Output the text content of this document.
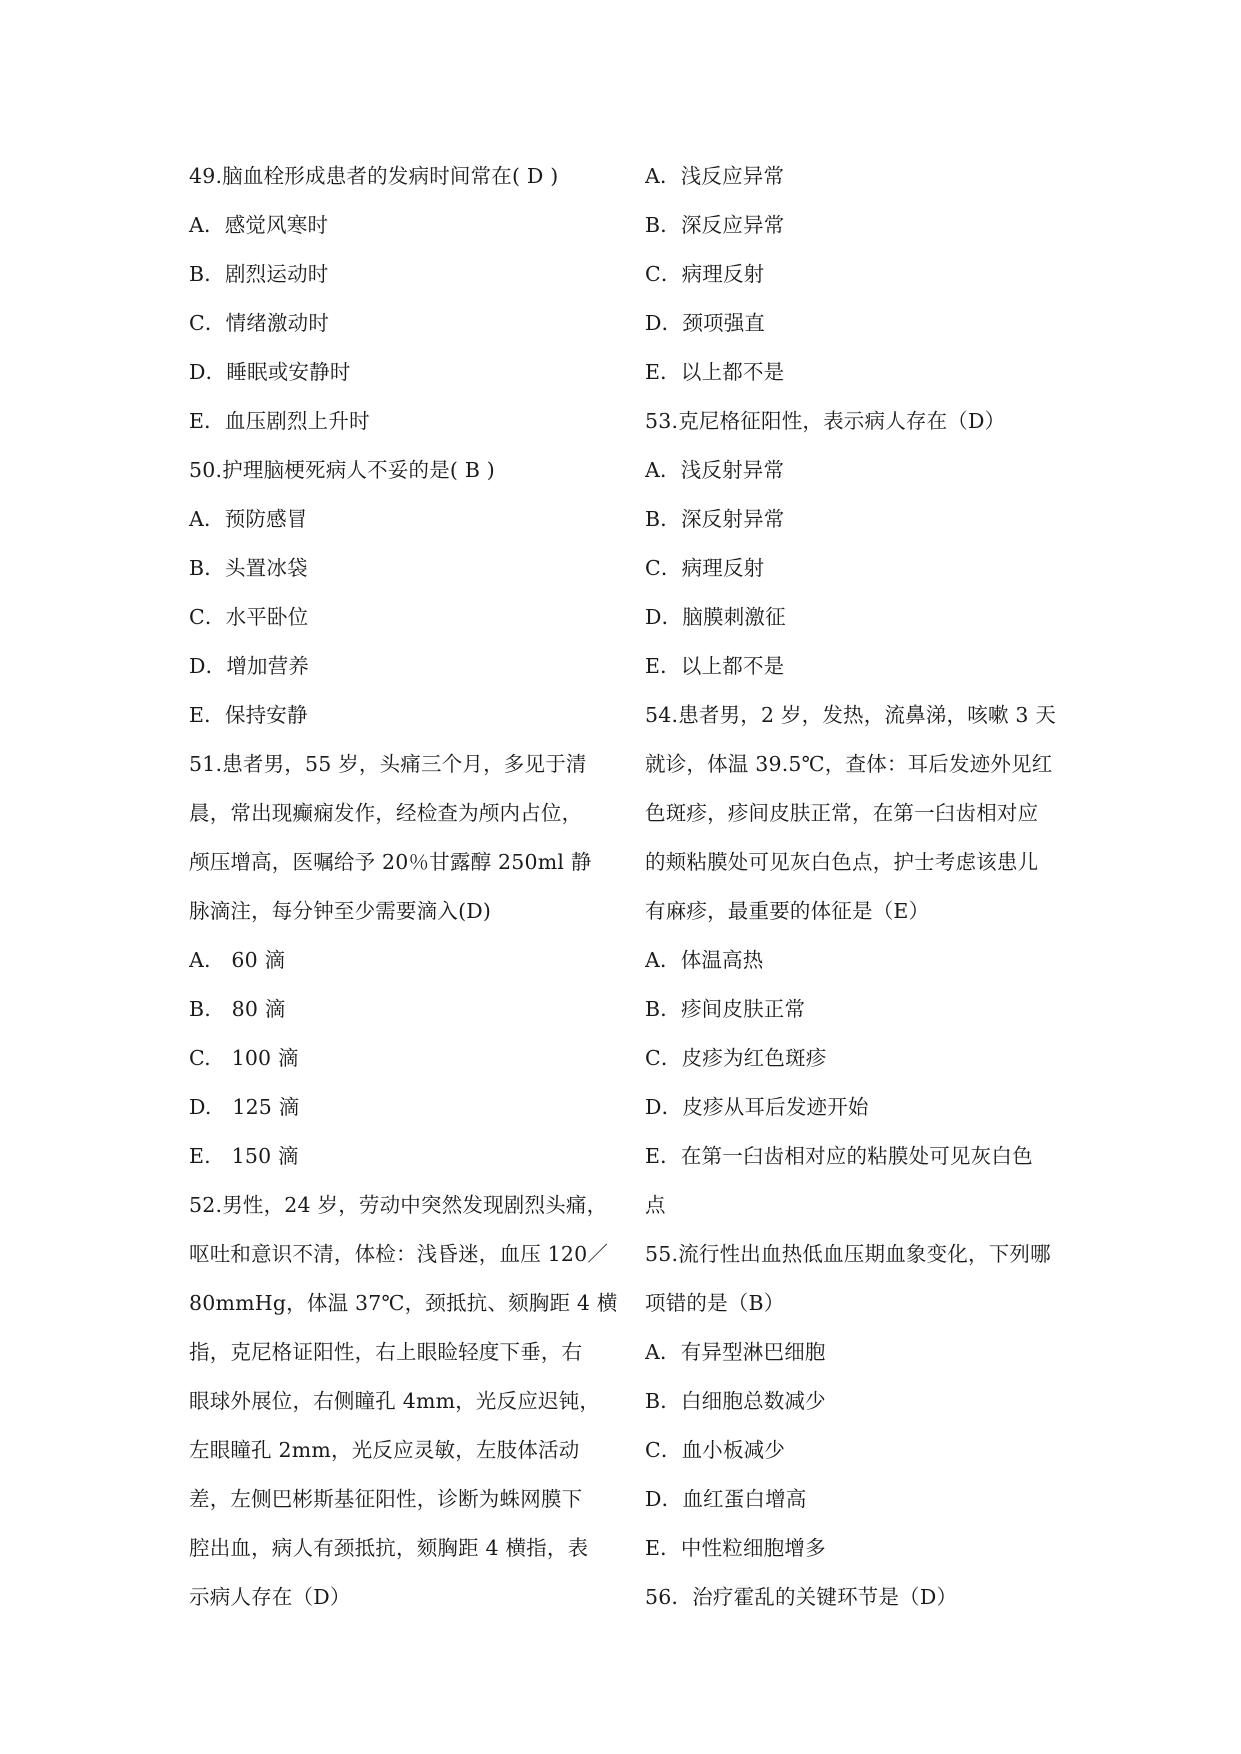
49.脑血栓形成患者的发病时间常在( D )
A．感觉风寒时
B．剧烈运动时
C．情绪激动时
D．睡眠或安静时
E．血压剧烈上升时
50.护理脑梗死病人不妥的是( B )
A．预防感冒
B．头置冰袋
C．水平卧位
D．增加营养
E．保持安静
51.患者男，55 岁，头痛三个月，多见于清
晨，常出现癫痫发作，经检查为颅内占位，
颅压增高，医嘱给予 20％甘露醇 250ml 静
脉滴注，每分钟至少需要滴入(D)
A.　60 滴
B.　80 滴
C.　100 滴
D.　125 滴
E.　150 滴
52.男性，24 岁，劳动中突然发现剧烈头痛，
呕吐和意识不清，体检：浅昏迷，血压 120／
80mmHg，体温 37℃，颈抵抗、颏胸距 4 横
指，克尼格证阳性，右上眼睑轻度下垂，右
眼球外展位，右侧瞳孔 4mm，光反应迟钝，
左眼瞳孔 2mm，光反应灵敏，左肢体活动
差，左侧巴彬斯基征阳性，诊断为蛛网膜下
腔出血，病人有颈抵抗，颏胸距 4 横指，表
示病人存在（D）
A．浅反应异常
B．深反应异常
C．病理反射
D．颈项强直
E．以上都不是
53.克尼格征阳性，表示病人存在（D）
A．浅反射异常
B．深反射异常
C．病理反射
D．脑膜刺激征
E．以上都不是
54.患者男，2 岁，发热，流鼻涕，咳嗽 3 天
就诊，体温 39.5℃，查体：耳后发迹外见红
色斑疹，疹间皮肤正常，在第一臼齿相对应
的颊粘膜处可见灰白色点，护士考虑该患儿
有麻疹，最重要的体征是（E）
A．体温高热
B．疹间皮肤正常
C．皮疹为红色斑疹
D．皮疹从耳后发迹开始
E．在第一臼齿相对应的粘膜处可见灰白色
点
55.流行性出血热低血压期血象变化，下列哪
项错的是（B）
A．有异型淋巴细胞
B．白细胞总数减少
C．血小板减少
D．血红蛋白增高
E．中性粒细胞增多
56．治疗霍乱的关键环节是（D）
